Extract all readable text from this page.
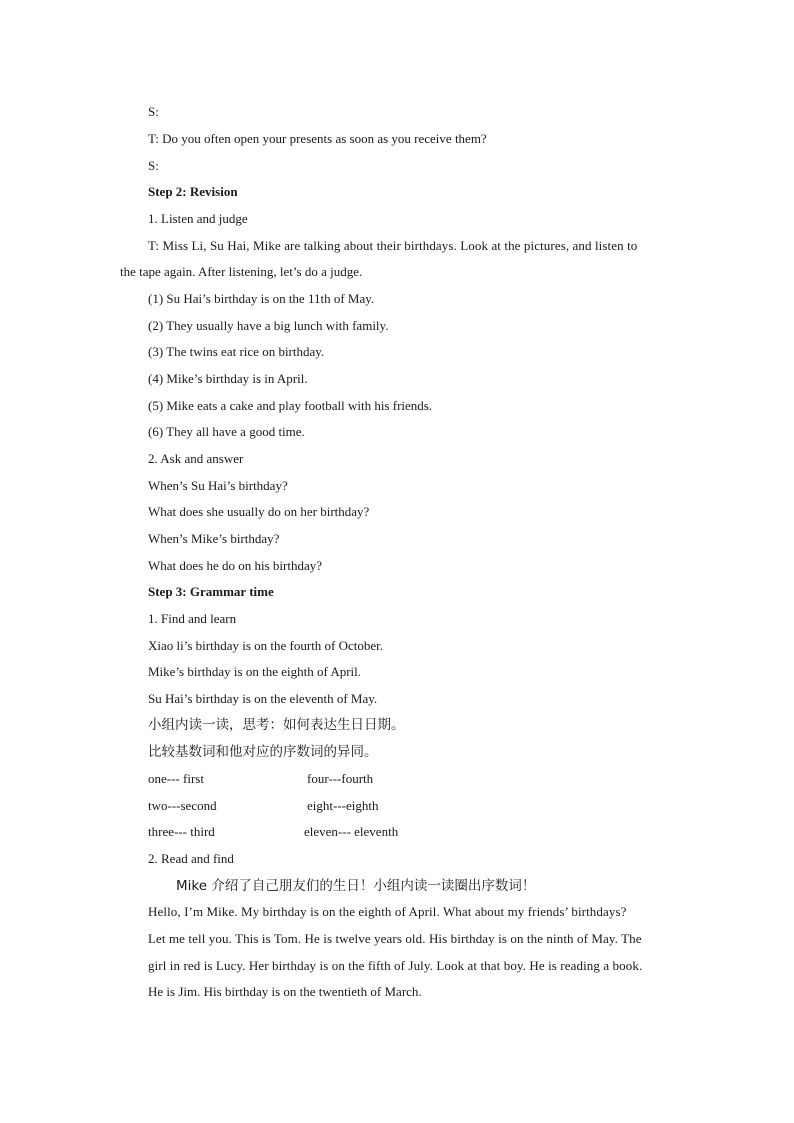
S:
T: Do you often open your presents as soon as you receive them?
S:
Step 2: Revision
1. Listen and judge
T: Miss Li, Su Hai, Mike are talking about their birthdays. Look at the pictures, and listen to
the tape again. After listening, let’s do a judge.
(1) Su Hai’s birthday is on the 11th of May.
(2) They usually have a big lunch with family.
(3) The twins eat rice on birthday.
(4) Mike’s birthday is in April.
(5) Mike eats a cake and play football with his friends.
(6) They all have a good time.
2. Ask and answer
When’s Su Hai’s birthday?
What does she usually do on her birthday?
When’s Mike’s birthday?
What does he do on his birthday?
Step 3: Grammar time
1. Find and learn
Xiao li’s birthday is on the fourth of October.
Mike’s birthday is on the eighth of April.
Su Hai’s birthday is on the eleventh of May.
小组内读一读，思考：如何表达生日日期。
比较基数词和他对应的序数词的异同。
one--- first	four---fourth
two---second	eight---eighth
three--- third	eleven--- eleventh
2. Read and find
Mike 介绍了自己朋友们的生日！小组内读一读圈出序数词！
Hello, I’m Mike. My birthday is on the eighth of April. What about my friends’ birthdays?
Let me tell you. This is Tom. He is twelve years old. His birthday is on the ninth of May. The
girl in red is Lucy. Her birthday is on the fifth of July. Look at that boy. He is reading a book.
He is Jim. His birthday is on the twentieth of March.
